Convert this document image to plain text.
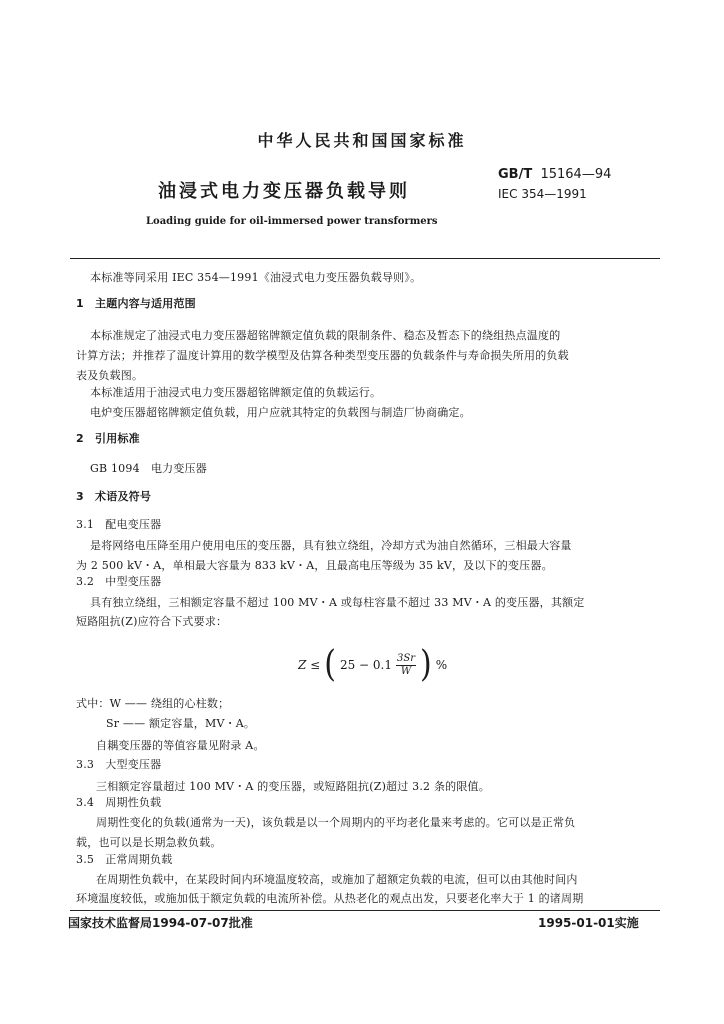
中华人民共和国国家标准
油浸式电力变压器负载导则
GB/T 15164—94
IEC 354—1991
Loading guide for oil-immersed power transformers
本标准等同采用 IEC 354—1991《油浸式电力变压器负载导则》。
1　主题内容与适用范围
本标准规定了油浸式电力变压器超铭牌额定值负载的限制条件、稳态及暂态下的绕组热点温度的
计算方法；并推荐了温度计算用的数学模型及估算各种类型变压器的负载条件与寿命损失所用的负载
表及负载图。
本标准适用于油浸式电力变压器超铭牌额定值的负载运行。
电炉变压器超铭牌额定值负载，用户应就其特定的负载图与制造厂协商确定。
2　引用标准
GB 1094　电力变压器
3　术语及符号
3.1　配电变压器
是将网络电压降至用户使用电压的变压器，具有独立绕组，冷却方式为油自然循环，三相最大容量
为 2 500 kV・A，单相最大容量为 833 kV・A，且最高电压等级为 35 kV，及以下的变压器。
3.2　中型变压器
具有独立绕组，三相额定容量不超过 100 MV・A 或每柱容量不超过 33 MV・A 的变压器，其额定
短路阻抗(Z)应符合下式要求：
Z ≤ ( $25 - 0.1 \frac{3Sr}{W}$ ) %
式中：W —— 绕组的心柱数；
Sr —— 额定容量，MV・A。
自耦变压器的等值容量见附录 A。
3.3　大型变压器
三相额定容量超过 100 MV・A 的变压器，或短路阻抗(Z)超过 3.2 条的限值。
3.4　周期性负载
周期性变化的负载(通常为一天)，该负载是以一个周期内的平均老化量来考虑的。它可以是正常负
载，也可以是长期急救负载。
3.5　正常周期负载
在周期性负载中，在某段时间内环境温度较高，或施加了超额定负载的电流，但可以由其他时间内
环境温度较低，或施加低于额定负载的电流所补偿。从热老化的观点出发，只要老化率大于 1 的诸周期
国家技术监督局1994-07-07批准	1995-01-01实施
